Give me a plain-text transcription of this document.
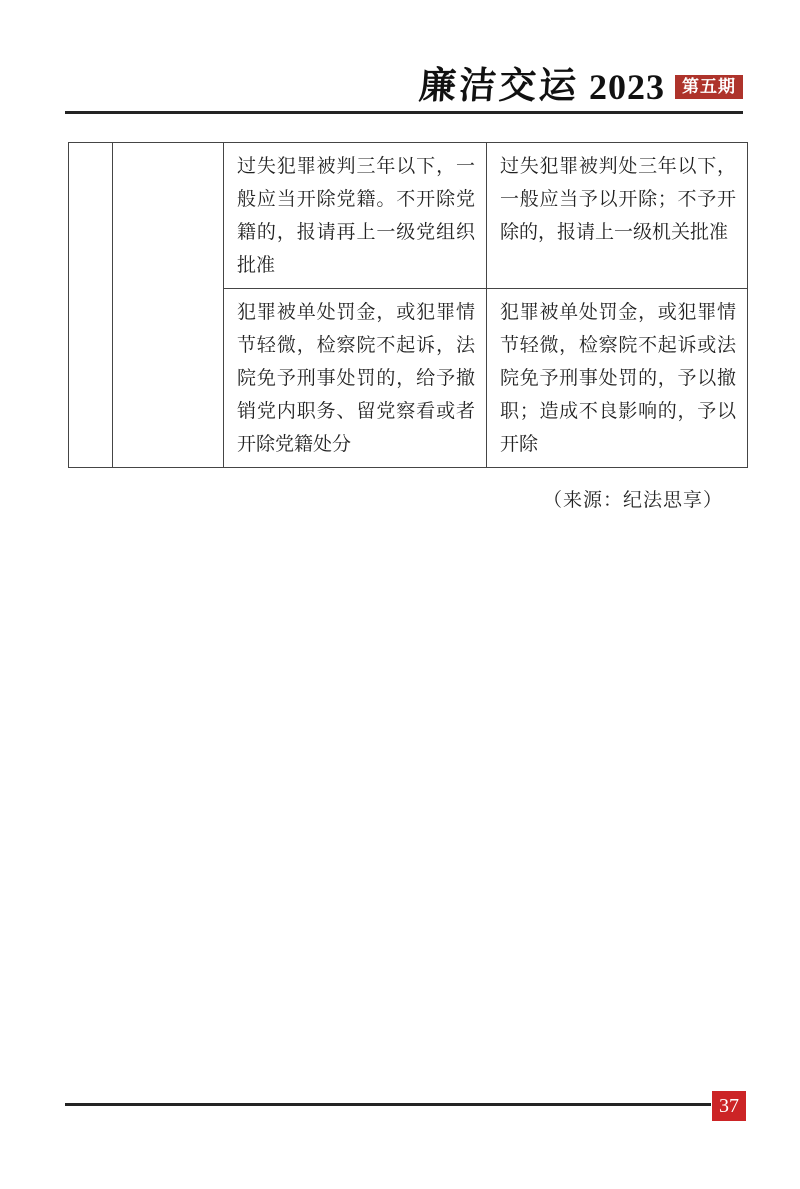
廉洁交运 2023	第五期
		过失犯罪被判三年以下，一般应当开除党籍。不开除党籍的，报请再上一级党组织批准	过失犯罪被判处三年以下，一般应当予以开除；不予开除的，报请上一级机关批准
		犯罪被单处罚金，或犯罪情节轻微，检察院不起诉，法院免予刑事处罚的，给予撤销党内职务、留党察看或者开除党籍处分	犯罪被单处罚金，或犯罪情节轻微，检察院不起诉或法院免予刑事处罚的，予以撤职；造成不良影响的，予以开除
（来源：纪法思享）
37
